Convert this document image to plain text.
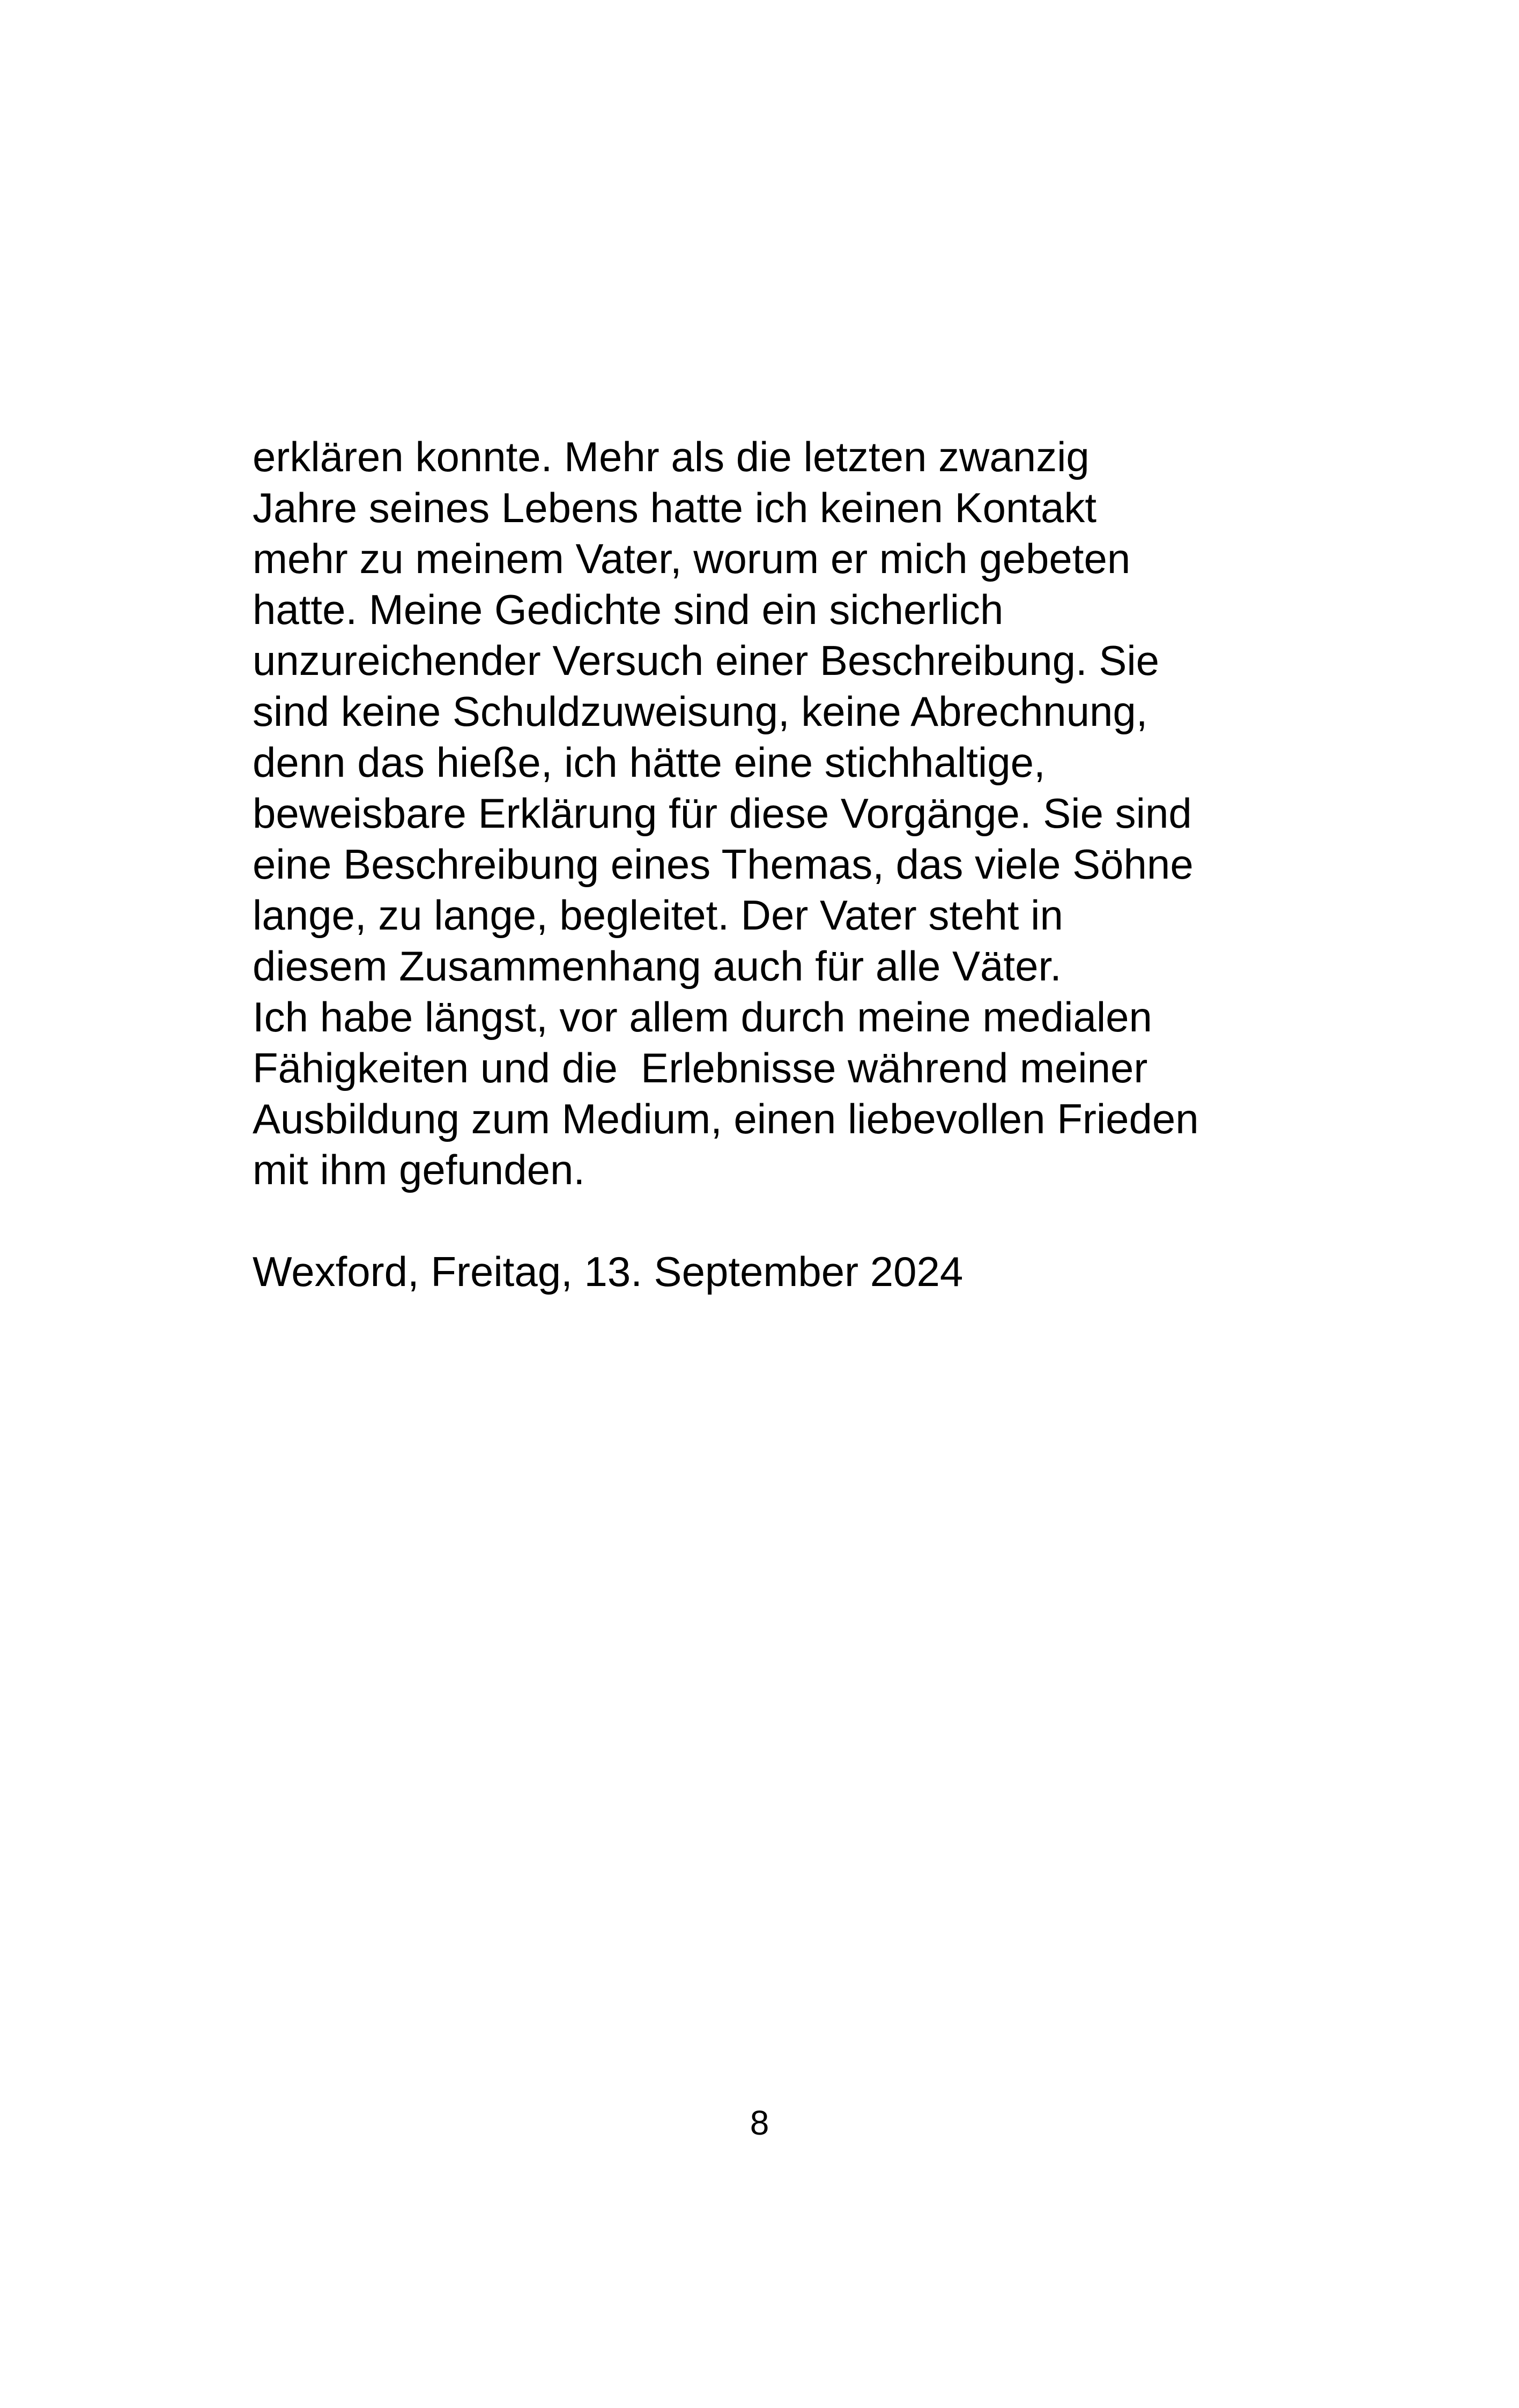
erklären konnte. Mehr als die letzten zwanzig
Jahre seines Lebens hatte ich keinen Kontakt
mehr zu meinem Vater, worum er mich gebeten
hatte. Meine Gedichte sind ein sicherlich
unzureichender Versuch einer Beschreibung. Sie
sind keine Schuldzuweisung, keine Abrechnung,
denn das hieße, ich hätte eine stichhaltige,
beweisbare Erklärung für diese Vorgänge. Sie sind
eine Beschreibung eines Themas, das viele Söhne
lange, zu lange, begleitet. Der Vater steht in
diesem Zusammenhang auch für alle Väter.
Ich habe längst, vor allem durch meine medialen
Fähigkeiten und die  Erlebnisse während meiner
Ausbildung zum Medium, einen liebevollen Frieden
mit ihm gefunden.
Wexford, Freitag, 13. September 2024
8
